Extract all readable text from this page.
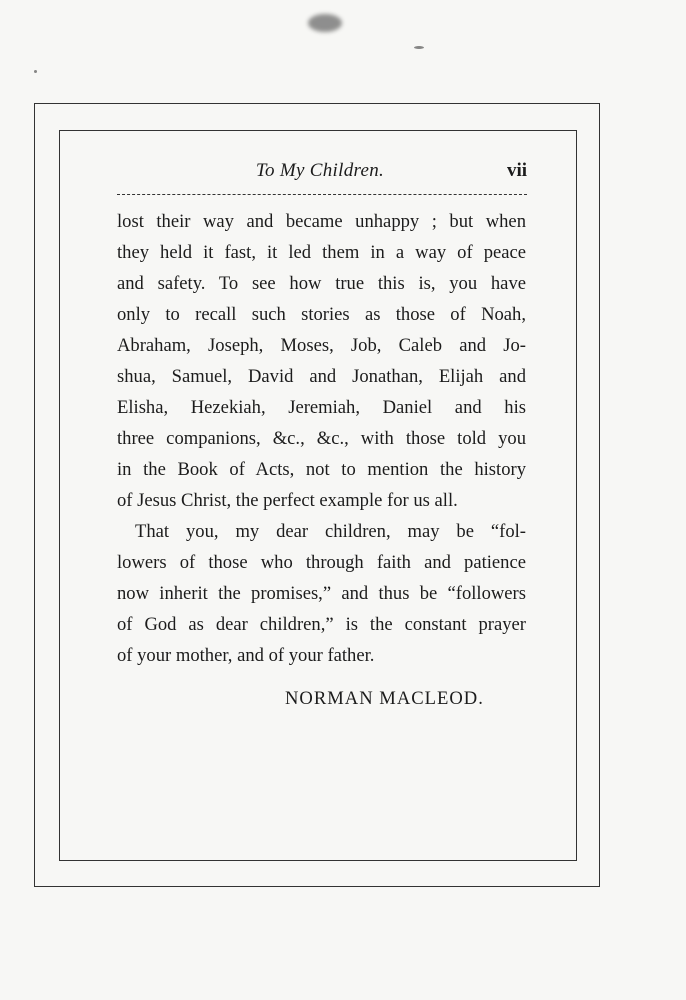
To My Children.	vii
lost their way and became unhappy ; but when
they held it fast, it led them in a way of peace
and safety. To see how true this is, you have
only to recall such stories as those of Noah,
Abraham, Joseph, Moses, Job, Caleb and Jo-
shua, Samuel, David and Jonathan, Elijah and
Elisha, Hezekiah, Jeremiah, Daniel and his
three companions, &c., &c., with those told you
in the Book of Acts, not to mention the history
of Jesus Christ, the perfect example for us all.
That you, my dear children, may be “fol-
lowers of those who through faith and patience
now inherit the promises,” and thus be “followers
of God as dear children,” is the constant prayer
of your mother, and of your father.
NORMAN MACLEOD.
